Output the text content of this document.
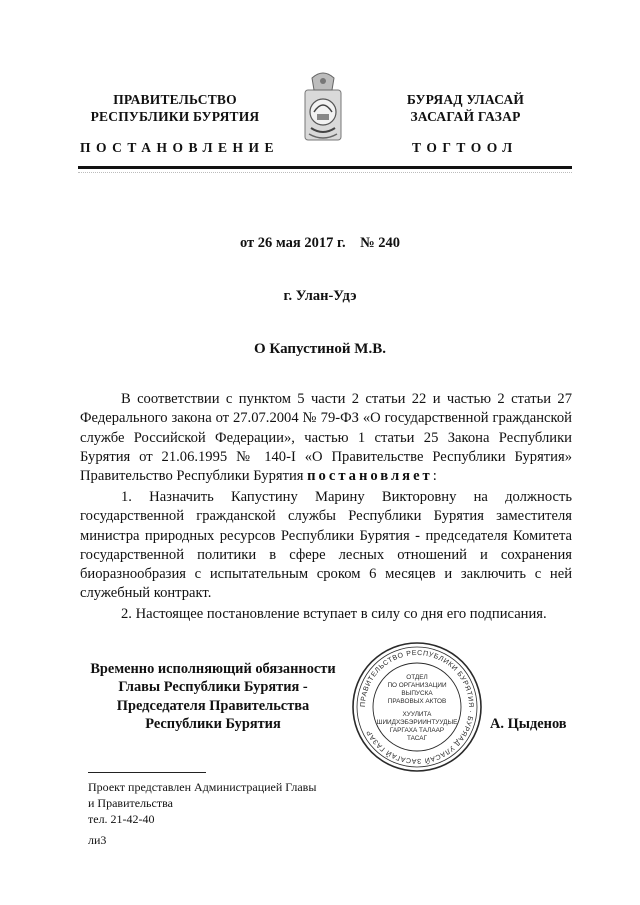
ПРАВИТЕЛЬСТВО
РЕСПУБЛИКИ БУРЯТИЯ
ПОСТАНОВЛЕНИЕ
БУРЯАД УЛАСАЙ
ЗАСАГАЙ ГАЗАР
ТОГТООЛ
от 26 мая 2017 г.    № 240
г. Улан-Удэ
О Капустиной М.В.
В соответствии с пунктом 5 части 2 статьи 22 и частью 2 статьи 27 Федерального закона от 27.07.2004 № 79-ФЗ «О государственной гражданской службе Российской Федерации», частью 1 статьи 25 Закона Республики Бурятия от 21.06.1995 № 140-I «О Правительстве Республики Бурятия» Правительство Республики Бурятия постановляет:
1. Назначить Капустину Марину Викторовну на должность государственной гражданской службы Республики Бурятия заместителя министра природных ресурсов Республики Бурятия - председателя Комитета государственной политики в сфере лесных отношений и сохранения биоразнообразия с испытательным сроком 6 месяцев и заключить с ней служебный контракт.
2. Настоящее постановление вступает в силу со дня его подписания.
Временно исполняющий обязанности
Главы Республики Бурятия -
Председателя Правительства
Республики Бурятия
ПРАВИТЕЛЬСТВО РЕСПУБЛИКИ БУРЯТИЯ · БУРЯАД УЛАСАЙ ЗАСАГАЙ ГАЗАР
ОТДЕЛ
ПО ОРГАНИЗАЦИИ
ВЫПУСКА
ПРАВОВЫХ АКТОВ
ХУУЛИТА
ШИИДХЭБЭРИИНТУУДЫЕ
ГАРГАХА ТАЛААР
ТАСАГ
А. Цыденов
Проект представлен Администрацией Главы
и Правительства
тел. 21-42-40
ли3
